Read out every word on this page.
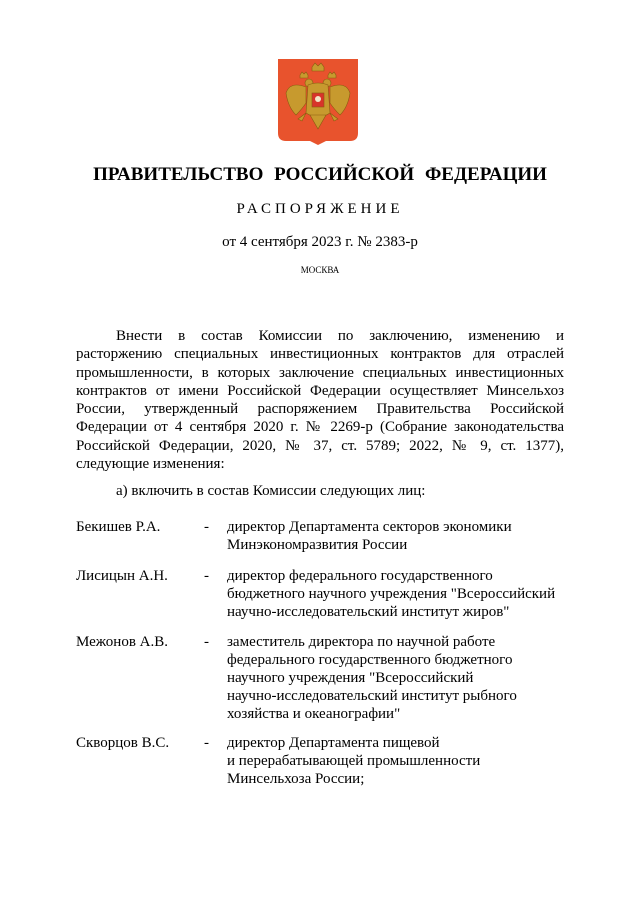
ПРАВИТЕЛЬСТВО РОССИЙСКОЙ ФЕДЕРАЦИИ
РАСПОРЯЖЕНИЕ
от 4 сентября 2023 г. № 2383-р
МОСКВА

Внести в состав Комиссии по заключению, изменению и расторжению специальных инвестиционных контрактов для отраслей промышленности, в которых заключение специальных инвестиционных контрактов от имени Российской Федерации осуществляет Минсельхоз России, утвержденный распоряжением Правительства Российской Федерации от 4 сентября 2020 г. № 2269-р (Собрание законодательства Российской Федерации, 2020, № 37, ст. 5789; 2022, № 9, ст. 1377), следующие изменения:

а) включить в состав Комиссии следующих лиц:
Бекишев Р.А.	- директор Департамента секторов экономики
Минэкономразвития России
Лисицын А.Н. - директор федерального государственного
бюджетного научного учреждения "Всероссийский
научно-исследовательский институт жиров"
Межонов А.В. - заместитель директора по научной работе
федерального государственного бюджетного
научного учреждения "Всероссийский
научно-исследовательский институт рыбного
хозяйства и океанографии"
Скворцов В.С. - директор Департамента пищевой
и перерабатывающей промышленности
Минсельхоза России;
